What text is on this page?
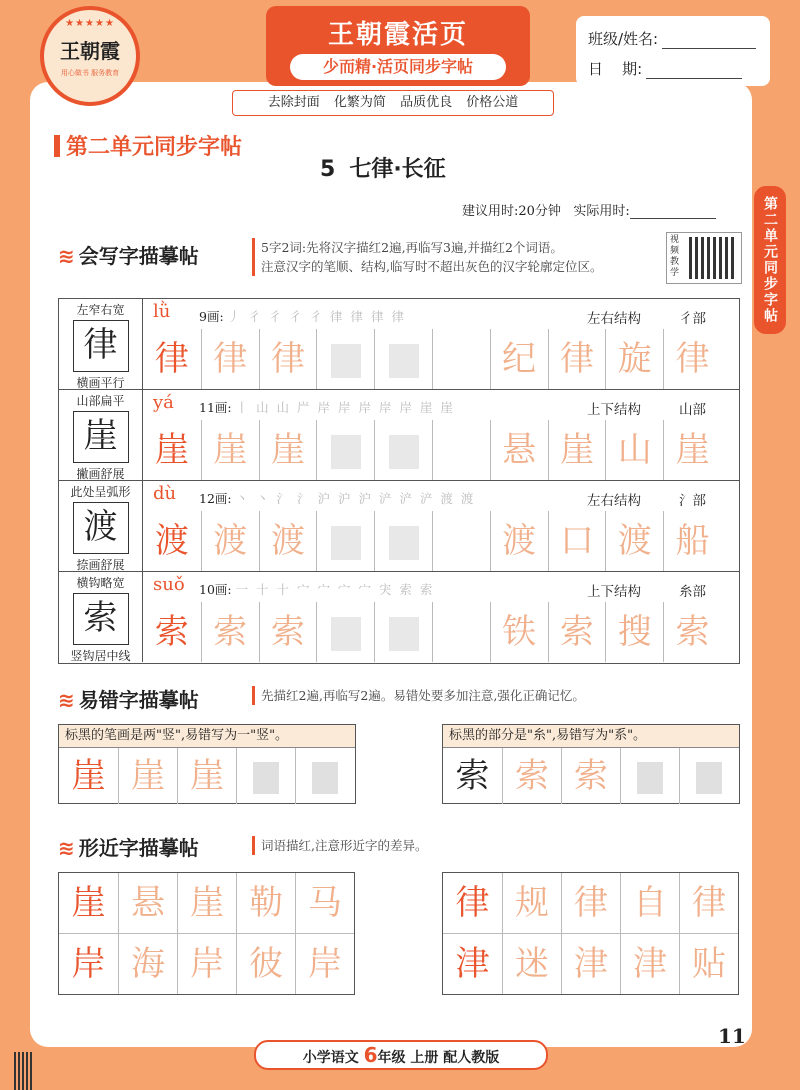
★★★★★
王朝霞
用心做书 服务教育
王朝霞活页
少而精·活页同步字帖
去除封面 化繁为简 品质优良 价格公道
班级/姓名:
日    期:
第二单元同步字帖
第二单元同步字帖
5 七律·长征
建议用时:20分钟 实际用时:
≋ 会写字描摹帖	5字2词:先将汉字描红2遍,再临写3遍,并描红2个词语。
注意汉字的笔顺、结构,临写时不超出灰色的汉字轮廓定位区。
视频教学
左窄右宽
律
横画平行
lǜ 9画: 丿 彳 彳 彳 彳 律 律 律 律	左右结构	彳部
律 律 律	纪 律 旋 律
山部扁平
崖
撇画舒展
yá 11画: 丨 山 山 屵 岸 岸 岸 岸 岸 崖 崖	上下结构	山部
崖 崖 崖	悬 崖 山 崖
此处呈弧形
渡
捺画舒展
dù 12画: 丶 丶 氵 氵 沪 沪 沪 浐 浐 浐 渡 渡	左右结构	氵部
渡 渡 渡	渡 口 渡 船
横钩略宽
索
竖钩居中线
suǒ 10画: 一 十 十 宀 宀 宀 宀 宊 索 索	上下结构	糸部
索 索 索	铁 索 搜 索
≋ 易错字描摹帖	先描红2遍,再临写2遍。易错处要多加注意,强化正确记忆。
标黑的笔画是两"竖",易错写为一"竖"。
崖 崖 崖
标黑的部分是"糸",易错写为"系"。
索 索 索
≋ 形近字描摹帖	词语描红,注意形近字的差异。
崖 悬 崖 勒 马
岸 海 岸 彼 岸
律 规 律 自 律
津 迷 津 津 贴
11
小学语文 6年级 上册 配人教版
